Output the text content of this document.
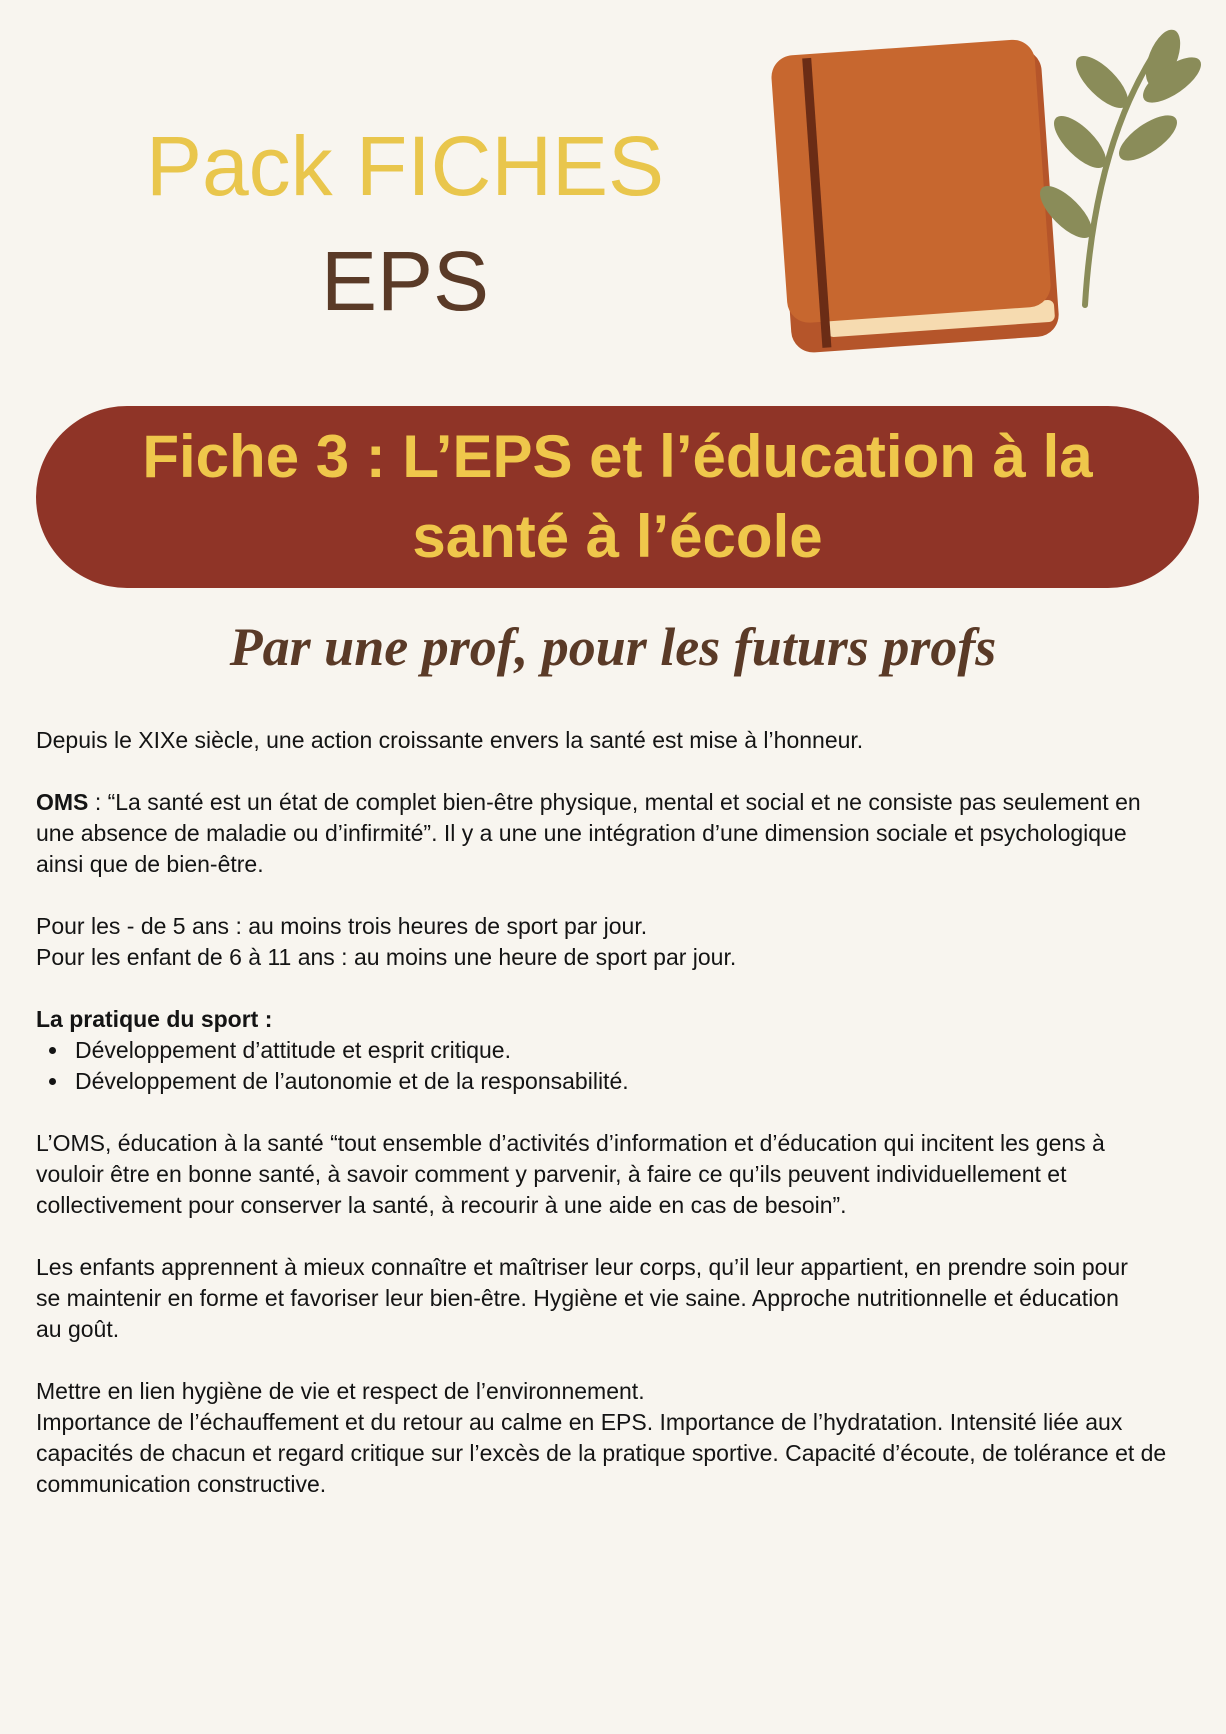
Pack FICHES
EPS
Fiche 3 : L’EPS et l’éducation à la
santé à l’école
Par une prof, pour les futurs profs
Depuis le XIXe siècle, une action croissante envers la santé est mise à l’honneur.
OMS : “La santé est un état de complet bien-être physique, mental et social et ne consiste pas seulement en
une absence de maladie ou d’infirmité”. Il y a une une intégration d’une dimension sociale et psychologique
ainsi que de bien-être.
Pour les - de 5 ans : au moins trois heures de sport par jour.
Pour les enfant de 6 à 11 ans : au moins une heure de sport par jour.
La pratique du sport :
Développement d’attitude et esprit critique.
Développement de l’autonomie et de la responsabilité.
L’OMS, éducation à la santé “tout ensemble d’activités d’information et d’éducation qui incitent les gens à
vouloir être en bonne santé, à savoir comment y parvenir, à faire ce qu’ils peuvent individuellement et
collectivement pour conserver la santé, à recourir à une aide en cas de besoin”.
Les enfants apprennent à mieux connaître et maîtriser leur corps, qu’il leur appartient, en prendre soin pour
se maintenir en forme et favoriser leur bien-être. Hygiène et vie saine. Approche nutritionnelle et éducation
au goût.
Mettre en lien hygiène de vie et respect de l’environnement.
Importance de l’échauffement et du retour au calme en EPS. Importance de l’hydratation. Intensité liée aux
capacités de chacun et regard critique sur l’excès de la pratique sportive. Capacité d’écoute, de tolérance et de
communication constructive.
